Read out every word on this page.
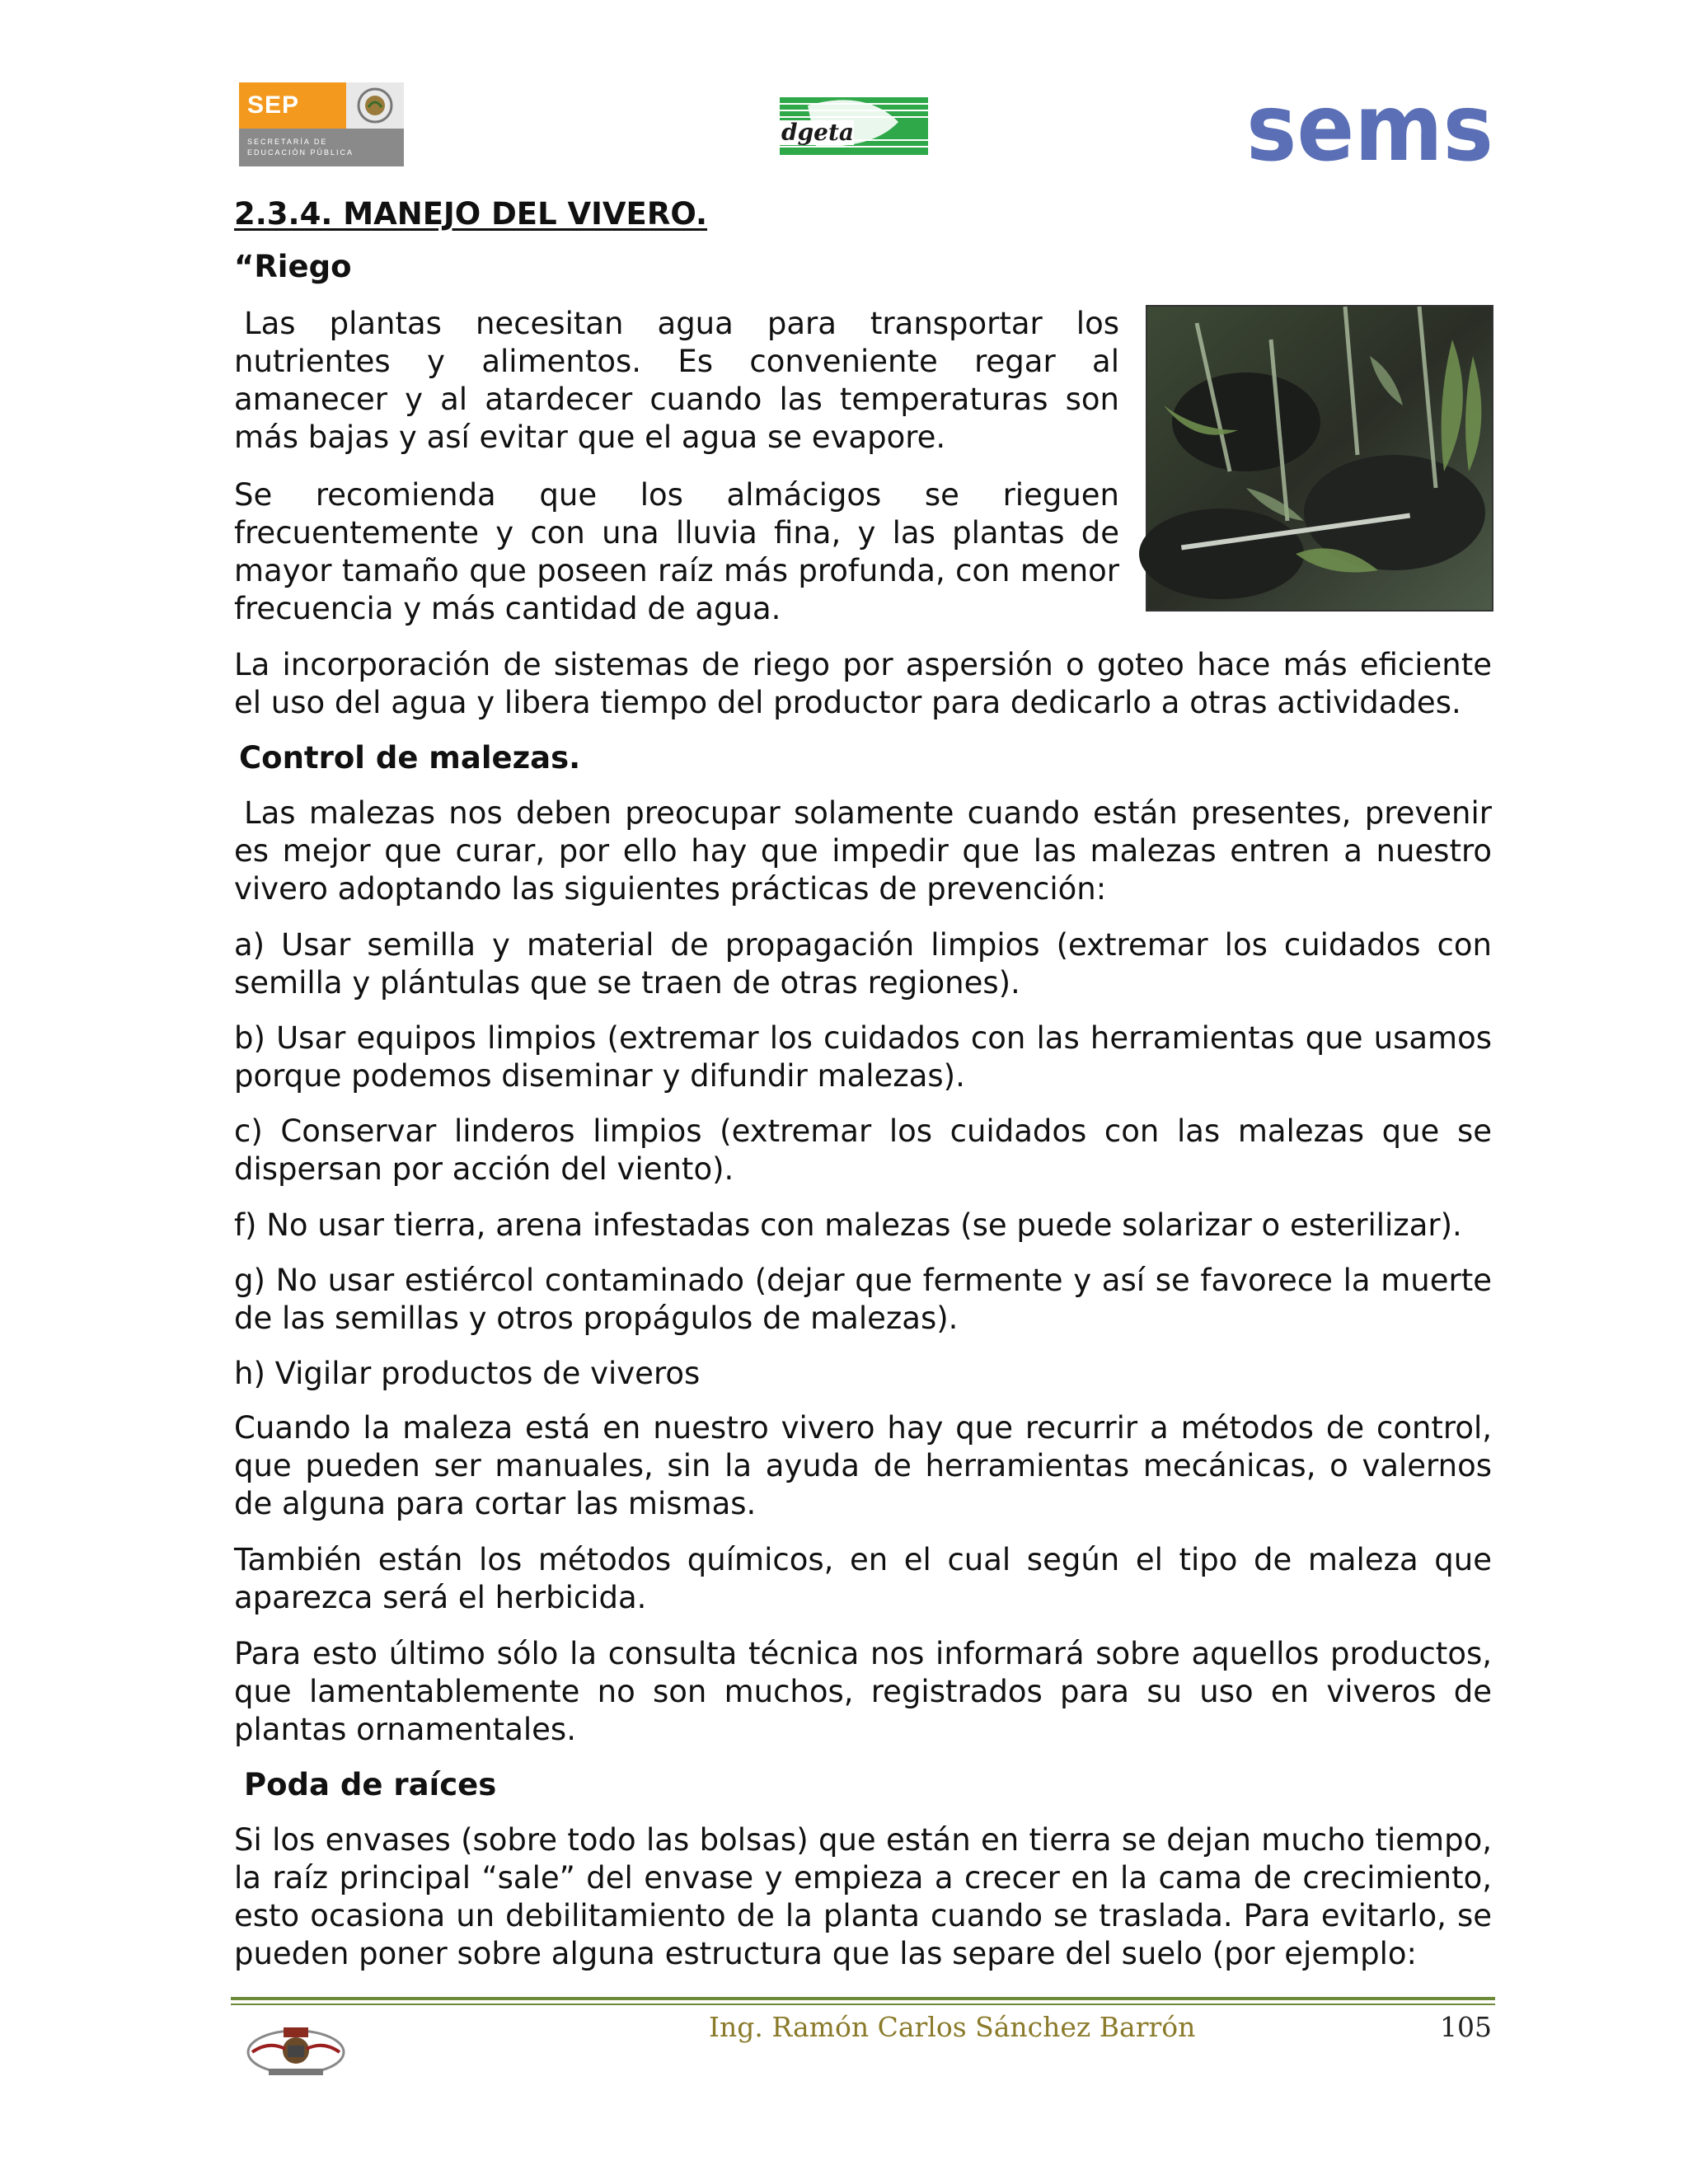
SEP
SECRETARÍA DE
EDUCACIÓN PÚBLICA
dgeta	sems
2.3.4. MANEJO DEL VIVERO.
“Riego

Las plantas necesitan agua para transportar los nutrientes y alimentos. Es conveniente regar al amanecer y al atardecer cuando las temperaturas son más bajas y así evitar que el agua se evapore.

Se recomienda que los almácigos se rieguen frecuentemente y con una lluvia fina, y las plantas de mayor tamaño que poseen raíz más profunda, con menor frecuencia y más cantidad de agua.

La incorporación de sistemas de riego por aspersión o goteo hace más eficiente el uso del agua y libera tiempo del productor para dedicarlo a otras actividades.

Control de malezas.

Las malezas nos deben preocupar solamente cuando están presentes, prevenir es mejor que curar, por ello hay que impedir que las malezas entren a nuestro vivero adoptando las siguientes prácticas de prevención:

a) Usar semilla y material de propagación limpios (extremar los cuidados con semilla y plántulas que se traen de otras regiones).

b) Usar equipos limpios (extremar los cuidados con las herramientas que usamos porque podemos diseminar y difundir malezas).

c) Conservar linderos limpios (extremar los cuidados con las malezas que se dispersan por acción del viento).

f) No usar tierra, arena infestadas con malezas (se puede solarizar o esterilizar).

g) No usar estiércol contaminado (dejar que fermente y así se favorece la muerte de las semillas y otros propágulos de malezas).

h) Vigilar productos de viveros

Cuando la maleza está en nuestro vivero hay que recurrir a métodos de control, que pueden ser manuales, sin la ayuda de herramientas mecánicas, o valernos de alguna para cortar las mismas.

También están los métodos químicos, en el cual según el tipo de maleza que aparezca será el herbicida.

Para esto último sólo la consulta técnica nos informará sobre aquellos productos, que lamentablemente no son muchos, registrados para su uso en viveros de plantas ornamentales.

Poda de raíces

Si los envases (sobre todo las bolsas) que están en tierra se dejan mucho tiempo, la raíz principal “sale” del envase y empieza a crecer en la cama de crecimiento, esto ocasiona un debilitamiento de la planta cuando se traslada. Para evitarlo, se pueden poner sobre alguna estructura que las separe del suelo (por ejemplo:

Ing. Ramón Carlos Sánchez Barrón	105
